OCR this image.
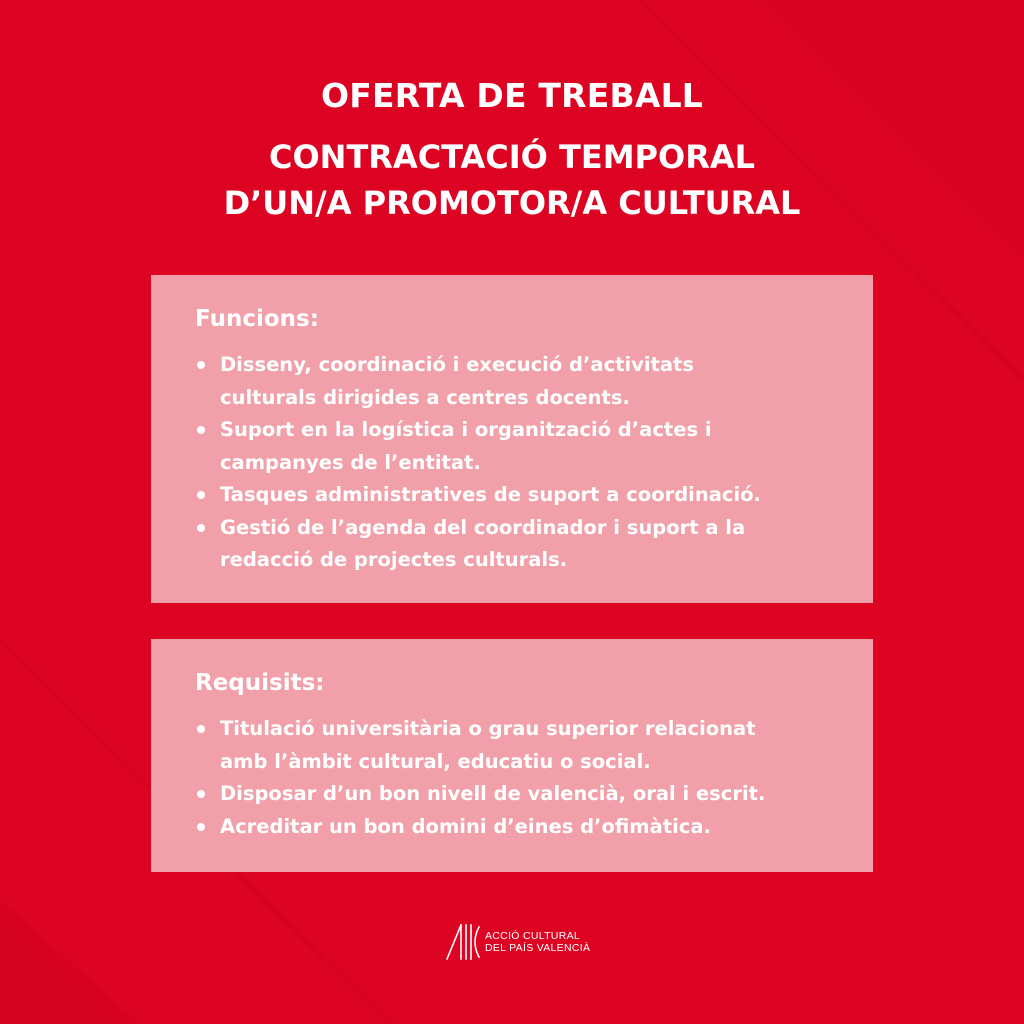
OFERTA DE TREBALL
CONTRACTACIÓ TEMPORAL
D’UN/A PROMOTOR/A CULTURAL
Funcions:
Disseny, coordinació i execució d’activitats
culturals dirigides a centres docents.
Suport en la logística i organització d’actes i
campanyes de l’entitat.
Tasques administratives de suport a coordinació.
Gestió de l’agenda del coordinador i suport a la
redacció de projectes culturals.
Requisits:
Titulació universitària o grau superior relacionat
amb l’àmbit cultural, educatiu o social.
Disposar d’un bon nivell de valencià, oral i escrit.
Acreditar un bon domini d’eines d’ofimàtica.
ACCIÓ CULTURAL
DEL PAÍS VALENCIÀ
